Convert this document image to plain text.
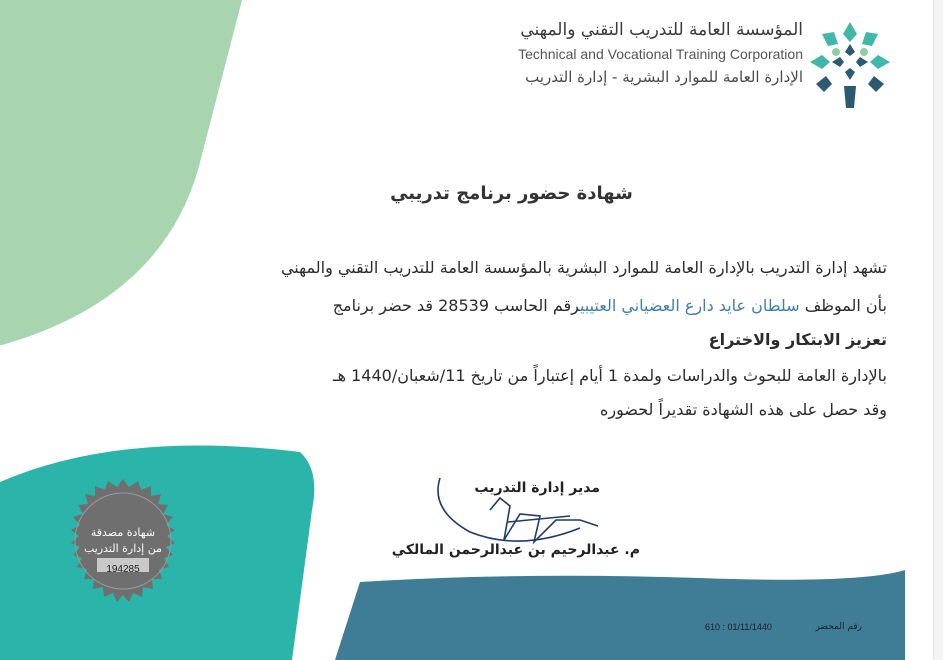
المؤسسة العامة للتدريب التقني والمهني
Technical and Vocational Training Corporation
الإدارة العامة للموارد البشرية - إدارة التدريب
شهادة حضور برنامج تدريبي
تشهد إدارة التدريب بالإدارة العامة للموارد البشرية بالمؤسسة العامة للتدريب التقني والمهني
بأن الموظف سلطان عايد دارع العضياني العتيبيرقم الحاسب 28539 قد حضر برنامج
تعزيز الابتكار والاختراع
بالإدارة العامة للبحوث والدراسات ولمدة 1 أيام إعتباراً من تاريخ 11/شعبان/1440 هـ
وقد حصل على هذه الشهادة تقديراً لحضوره
مدير إدارة التدريب
م. عبدالرحيم بن عبدالرحمن المالكي
شهادة مصدقة
من إدارة التدريب
194285
رقم المحضر
610 : 01/11/1440
